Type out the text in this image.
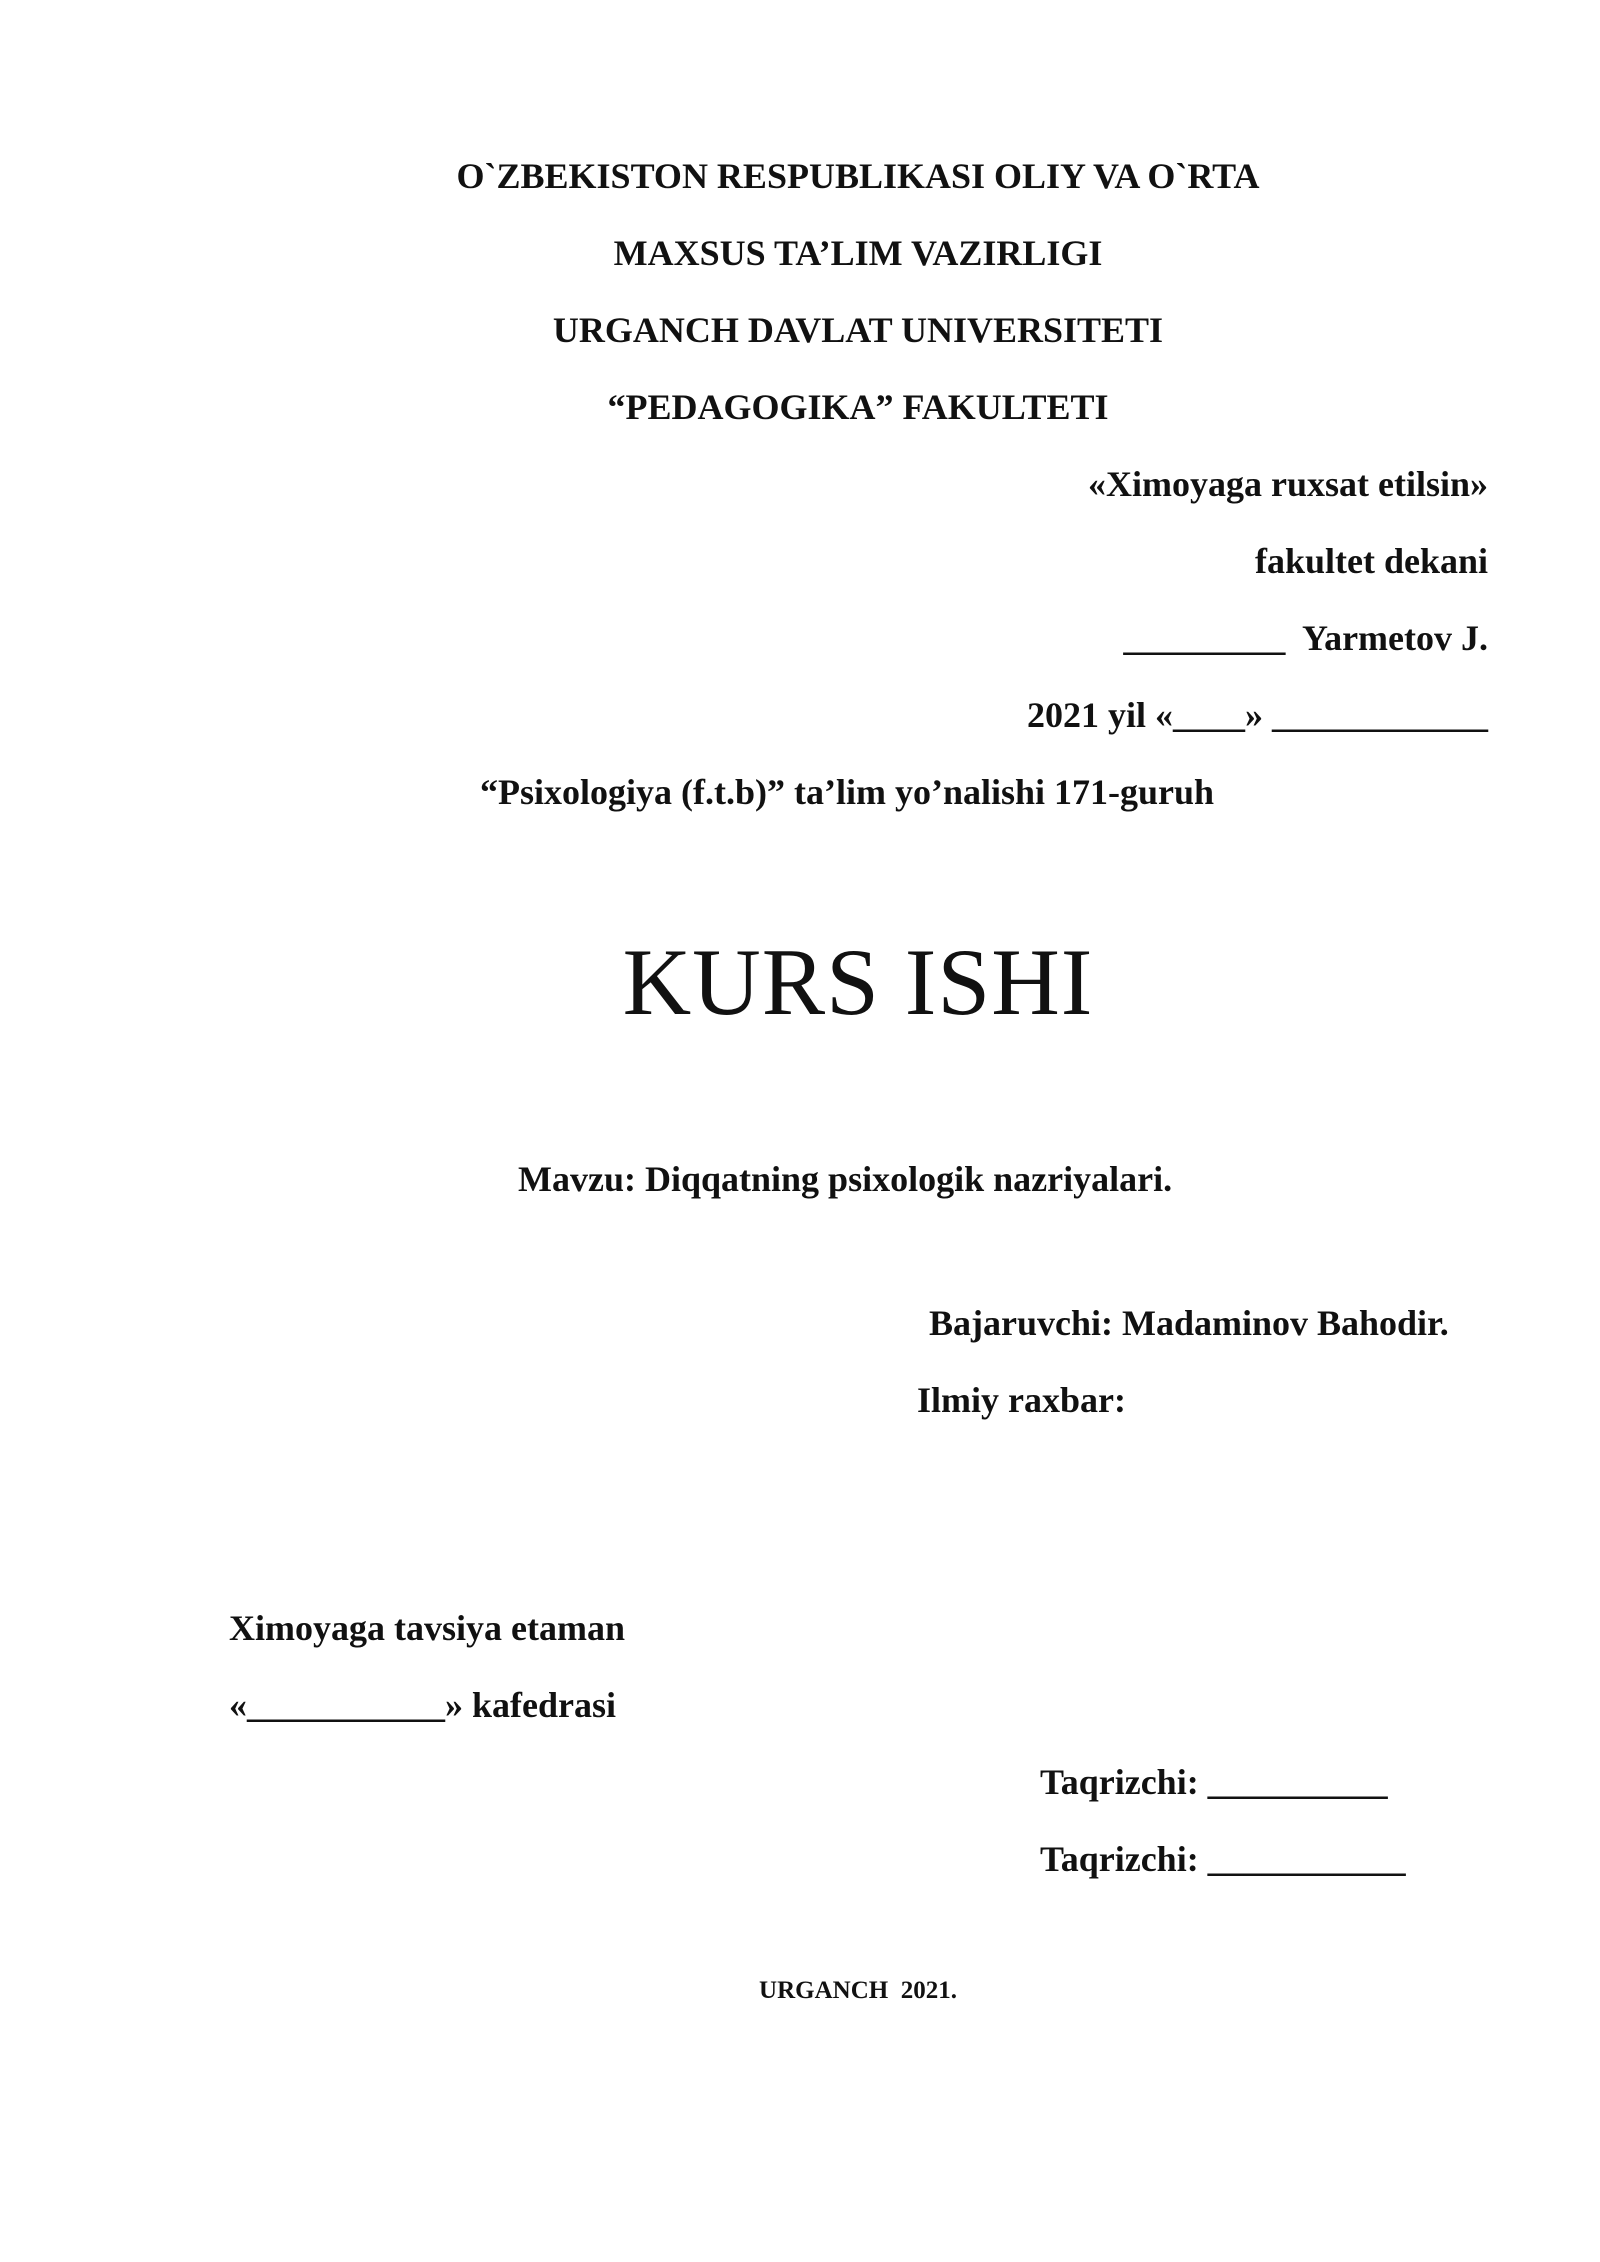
O`ZBEKISTON RESPUBLIKASI OLIY VA O`RTA
MAXSUS TA’LIM VAZIRLIGI
URGANCH DAVLAT UNIVERSITETI
“PEDAGOGIKA” FAKULTETI
«Ximoyaga ruxsat etilsin»
fakultet dekani
_________  Yarmetov J.
2021 yil «____» ____________
“Psixologiya (f.t.b)” ta’lim yo’nalishi 171-guruh
KURS ISHI
Mavzu: Diqqatning psixologik nazriyalari.
Bajaruvchi: Madaminov Bahodir.
Ilmiy raxbar:
Ximoyaga tavsiya etaman
«___________» kafedrasi
Taqrizchi: __________
Taqrizchi: ___________
URGANCH  2021.
